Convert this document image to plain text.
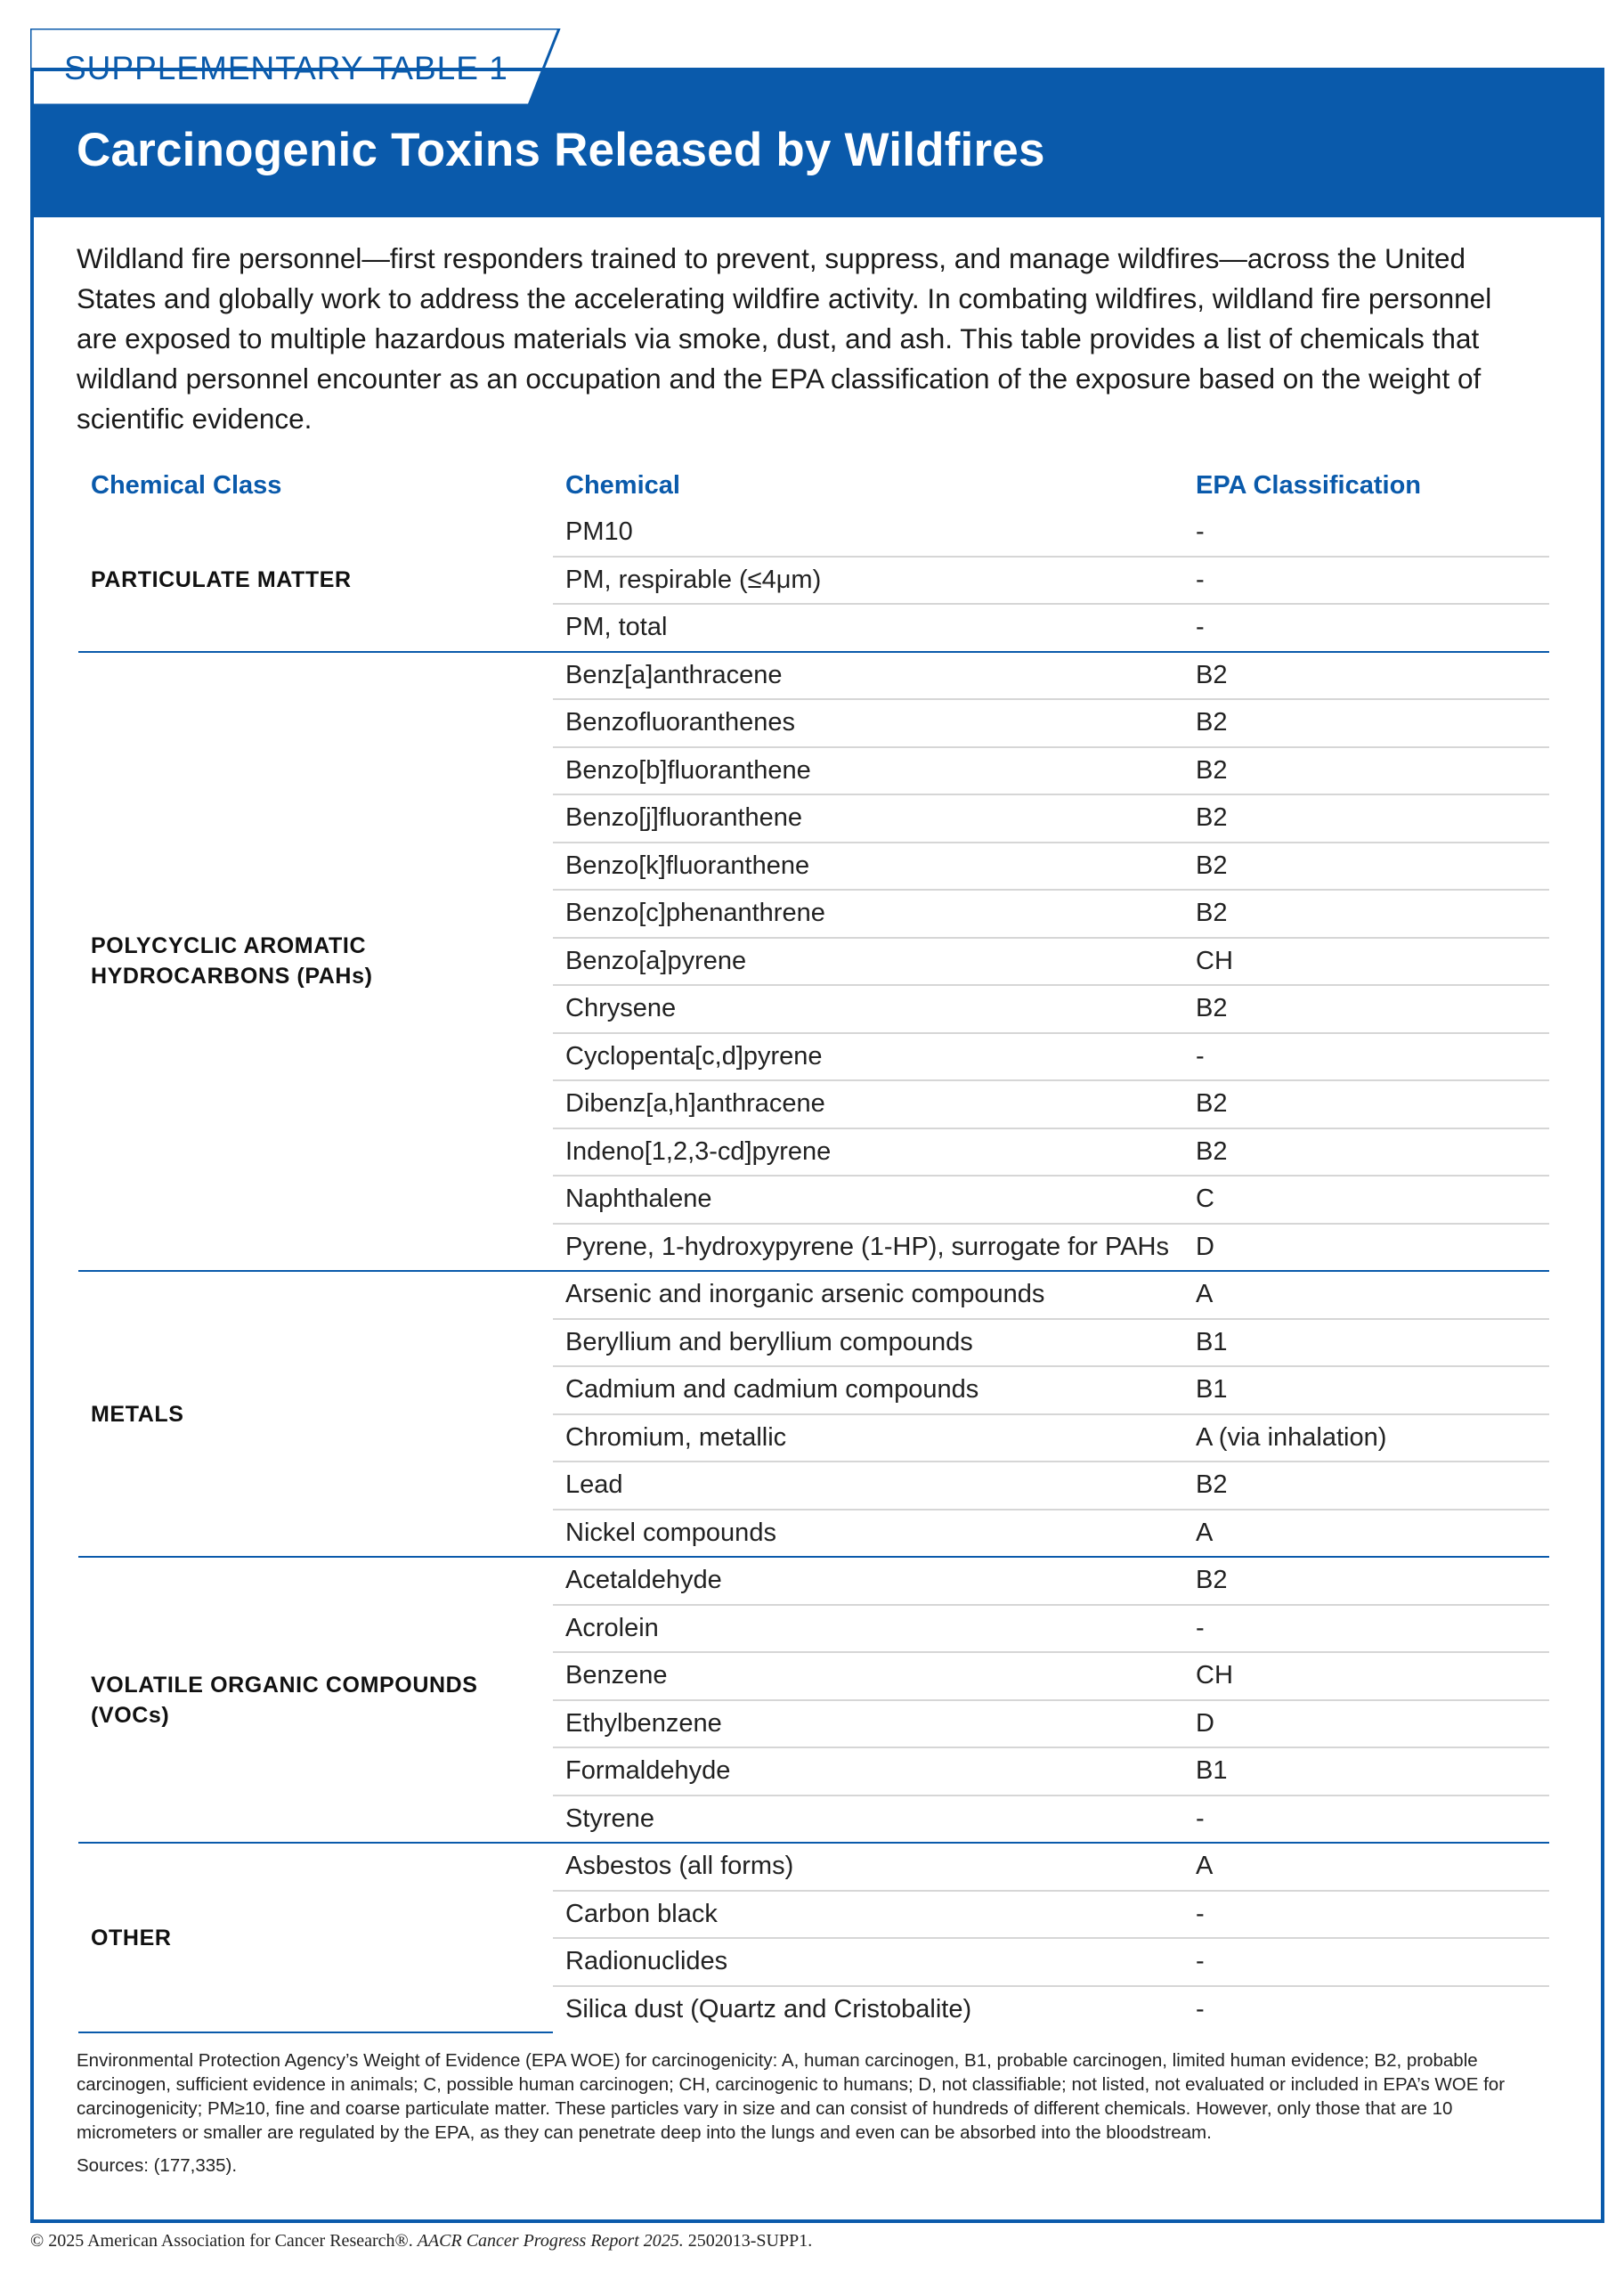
Carcinogenic Toxins Released by Wildfires
SUPPLEMENTARY TABLE 1

Wildland fire personnel—first responders trained to prevent, suppress, and manage wildfires—across the United States and globally work to address the accelerating wildfire activity. In combating wildfires, wildland fire personnel are exposed to multiple hazardous materials via smoke, dust, and ash. This table provides a list of chemicals that wildland personnel encounter as an occupation and the EPA classification of the exposure based on the weight of scientific evidence.

Chemical Class	Chemical	EPA Classification
PARTICULATE MATTER	PM10	-
	PM, respirable (≤4μm)	-
	PM, total	-
POLYCYCLIC AROMATIC HYDROCARBONS (PAHs)	Benz[a]anthracene	B2
	Benzofluoranthenes	B2
	Benzo[b]fluoranthene	B2
	Benzo[j]fluoranthene	B2
	Benzo[k]fluoranthene	B2
	Benzo[c]phenanthrene	B2
	Benzo[a]pyrene	CH
	Chrysene	B2
	Cyclopenta[c,d]pyrene	-
	Dibenz[a,h]anthracene	B2
	Indeno[1,2,3-cd]pyrene	B2
	Naphthalene	C
	Pyrene, 1-hydroxypyrene (1-HP), surrogate for PAHs	D
METALS	Arsenic and inorganic arsenic compounds	A
	Beryllium and beryllium compounds	B1
	Cadmium and cadmium compounds	B1
	Chromium, metallic	A (via inhalation)
	Lead	B2
	Nickel compounds	A
VOLATILE ORGANIC COMPOUNDS (VOCs)	Acetaldehyde	B2
	Acrolein	-
	Benzene	CH
	Ethylbenzene	D
	Formaldehyde	B1
	Styrene	-
OTHER	Asbestos (all forms)	A
	Carbon black	-
	Radionuclides	-
	Silica dust (Quartz and Cristobalite)	-

Environmental Protection Agency’s Weight of Evidence (EPA WOE) for carcinogenicity: A, human carcinogen, B1, probable carcinogen, limited human evidence; B2, probable carcinogen, sufficient evidence in animals; C, possible human carcinogen; CH, carcinogenic to humans; D, not classifiable; not listed, not evaluated or included in EPA’s WOE for carcinogenicity; PM≥10, fine and coarse particulate matter. These particles vary in size and can consist of hundreds of different chemicals. However, only those that are 10 micrometers or smaller are regulated by the EPA, as they can penetrate deep into the lungs and even can be absorbed into the bloodstream.

Sources: (177,335).
© 2025 American Association for Cancer Research®. AACR Cancer Progress Report 2025. 2502013-SUPP1.
